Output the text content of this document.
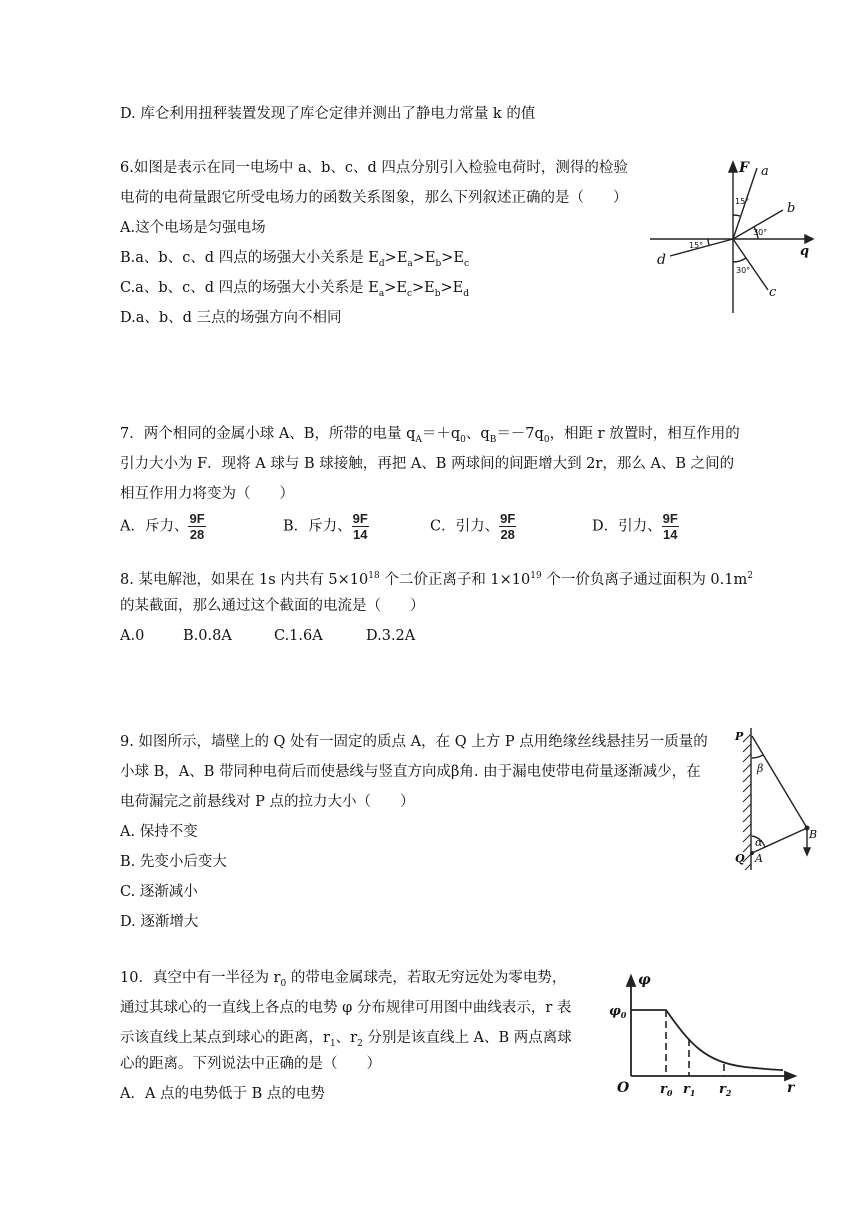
D. 库仑利用扭秤装置发现了库仑定律并测出了静电力常量 k 的值
6.如图是表示在同一电场中 a、b、c、d 四点分别引入检验电荷时，测得的检验
电荷的电荷量跟它所受电场力的函数关系图象，那么下列叙述正确的是（　　）
A.这个电场是匀强电场
B.a、b、c、d 四点的场强大小关系是 $E_d>E_a>E_b>E_c$
C.a、b、c、d 四点的场强大小关系是 $E_a>E_c>E_b>E_d$
D.a、b、d 三点的场强方向不相同
F a
b
c
d
q
15°
30°
30°
15°
7．两个相同的金属小球 A、B，所带的电量 $q_A=+q_0$、$q_B=-7q_0$，相距 r 放置时，相互作用的
引力大小为 F．现将 A 球与 B 球接触，再把 A、B 两球间的间距增大到 2r，那么 A、B 之间的
相互作用力将变为（　　）
A．斥力、 $\frac{9F}{28}$	B．斥力、 $\frac{9F}{14}$	C．引力、 $\frac{9F}{28}$	D．引力、 $\frac{9F}{14}$
8. 某电解池，如果在 1s 内共有 $5\times 10^{18}$ 个二价正离子和 $1\times 10^{19}$ 个一价负离子通过面积为 $0.1m^2$
的某截面，那么通过这个截面的电流是（　　）
A.0	B.0.8A	C.1.6A	D.3.2A
9. 如图所示，墙壁上的 Q 处有一固定的质点 A，在 Q 上方 P 点用绝缘丝线悬挂另一质量的
小球 B，A、B 带同种电荷后而使悬线与竖直方向成β角. 由于漏电使带电荷量逐渐减少，在
电荷漏完之前悬线对 P 点的拉力大小（　　）
A. 保持不变
B. 先变小后变大
C. 逐渐减小
D. 逐渐增大
P
β
α
B
Q A
10．真空中有一半径为 $r_0$ 的带电金属球壳，若取无穷远处为零电势，
通过其球心的一直线上各点的电势 φ 分布规律可用图中曲线表示，r 表
示该直线上某点到球心的距离，$r_1$、$r_2$ 分别是该直线上 A、B 两点离球
心的距离。下列说法中正确的是（　　）
A．A 点的电势低于 B 点的电势
φ
$\varphi_0$
O $r_0$ $r_1$ $r_2$	r
